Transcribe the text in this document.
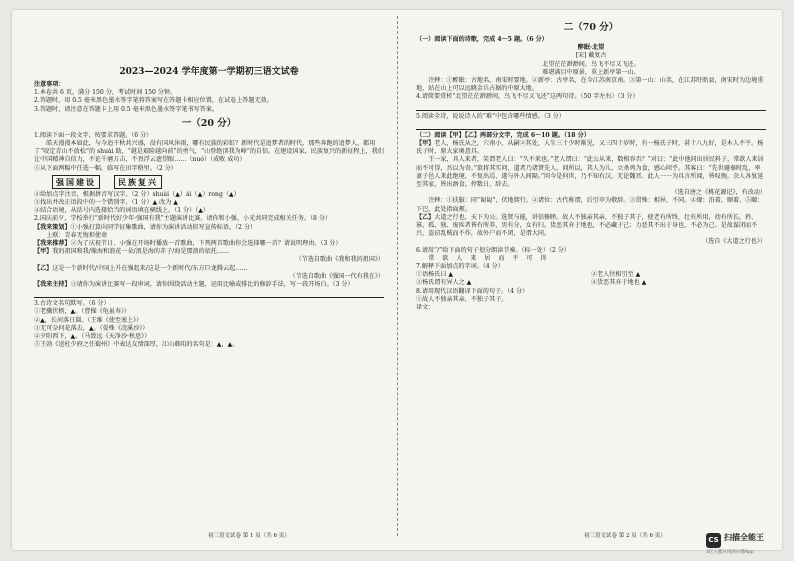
2023—2024 学年度第一学期初三语文试卷
注意事项：

1.本卷共 6 页，满分 150 分，考试时间 150 分钟。

2.答题时，用 0.5 毫米黑色墨水签字笔将答案写在答题卡相应位置，在试卷上答题无效。

3.答题时，请注意在答题卡上用 0.5 毫米黑色墨水签字笔书写答案。

一（20 分）

1.阅读下面一段文字，按要求答题。（6 分）

皓天漫漫本如此，与今追千秋共兴盛，没有国风沐雨，哪有民族的彩虹？新时代是追梦者的时代，那些奔跑的追梦人，都用了“咬定青山不放松”的 shuài 助，“越是艰险越向前”的勇气，“山登绝顶我为峰”的自信。在建设国家，民族复兴的新征程上，我们让中国精神自信力，不论千磨万击，不畏浮云遮望眼……（nuó）（成败 成功）

①从下面两幅中任选一幅，临写在田字格里。（2 分）

强国建设	民族复兴

②给加点字注音，根据拼音写汉字。（2 分）shuài（▲）ái（▲）rong（▲）

③找出并改正语段中的一个错别字。（1 分）▲ 改为 ▲

④结合语境，从括号内选择恰当的词语填在横线上。（1 分）（▲）

2.国庆前夕，学校举行“新时代好少年·强国有我”主题演讲比赛。请你和小强、小光共同完成相关任务。（8 分）

【我来策划】①小强打算向同学征集歌曲，请你为演讲活动拟写宣传标语。（2 分）

上联：青春无悔担使命

【我来推荐】②为了庆祝节日，小强在开场时播放一首歌曲，下列两首歌曲你会选择哪一首？请说明理由。（3 分）

【甲】我的祖国和我/像海和浪花一朵/浪是海的赤子/海是那浪的依托……

（节选自歌曲《我和我的祖国》）

【乙】这是一个新时代/中国上升在强起来/这是一个新时代/东方巨龙腾云起……

（节选自歌曲《强国一代有我在》）

【我来主持】③请你为演讲比赛写一段串词，请你围绕活动主题，运用比喻或排比的修辞手法，写一段开场白。（3 分）

3.古诗文名句默写。（6 分）

①老骥伏枥，▲。（曹操《龟虽寿》）

②▲，长河落日圆。（王维《使至塞上》）

③无可奈何花落去，▲。（晏殊《浣溪沙》）

④夕阳西下，▲。（马致远《天净沙·秋思》）

⑤王勃《送杜少府之任蜀州》中表达友情深厚，江山难阻的名句是：▲，▲。

二（70 分）

（一）阅读下面的诗歌，完成 4～5 题。（6 分）

醉眠·北望
[宋] 戴复古
北望茫茫渺渺间，鸟飞不尽又飞还。
难堪满目中原景，莫上新亭第一山。

注释：①醉眠：古地名，南宋时要地。②新亭：古亭名，在今江苏南京南。③第一山：山名，在江苏盱眙县，南宋时为边境重地，站在山上可以远眺金兵占据的中原大地。

4.请简要赏析“北望茫茫渺渺间，鸟飞不尽又飞还”这两句诗。（50 字左右）（3 分）

5.阅读全诗，说说诗人的“难”中包含哪些情感。（3 分）

（二）阅读【甲】【乙】两部分文字，完成 6～10 题。（18 分）

【甲】老人，杨氏从之，穴南小，从嗣②其处，人生三十少时渐见，又三四十岁时，有一杨氏子时，甚十八九好，是木人不平。杨氏子时，原大家奥意具。

王一家，具人来者，笑谓老人曰：“久不来也。”老人谓曰：“此公从来，数相容否？”对曰：“此中他同出居民料子，常欲人来居而不可得，吾以为奇。”欲将其实问，道者乃诸贤先人。问所以，其人为儿，立杀鸡为食，感心问乎。其客曰：“先世避秦时乱，率妻子邑人来此绝境，不复出焉，遂与外人间隔。”问今是何世，乃不知有汉，无论魏晋。此人一一为具言所闻，皆叹惋。余人各复延至其家，皆出酒食。停数日，辞去。

（选自唐之《桃花源记》，有改动）

注释：①扶服：同“匍匐”，伏地爬行。②诸位：古代称谓，后引申为敬辞。③贯殊：相异，不同。④缘：沿着，顺着。⑤颐：下巴，此处指面颊。

【乙】大道之行也，天下为公。选贤与能，讲信修睦。故人不独亲其亲，不独子其子，使老有所终，壮有所用，幼有所长，矜、寡、孤、独、废疾者皆有所养，男有分，女有归。货恶其弃于地也，不必藏于己；力恶其不出于身也，不必为己。是故谋闭而不兴，盗窃乱贼而不作，故外户而不闭，是谓大同。

（选自《大道之行也》）

6.请用“/”给下面的句子划分朗读节奏。（标一处）（2 分）

常 欲 人 来 居 而 不 可 得

7.解释下面加点的字词。（4 分）

①语杨氏曰 ▲	②老人往相引至 ▲
③杨氏谓有异人之 ▲	④货恶其弃于地也 ▲

8.请用现代汉语翻译下面的句子。（4 分）

①故人不独亲其亲，不独子其子。

译文：

初三语文试卷 第 1 页（共 6 页）	初三语文试卷 第 2 页（共 6 页）	CS 扫描全能王
3亿人都在用的扫描App
